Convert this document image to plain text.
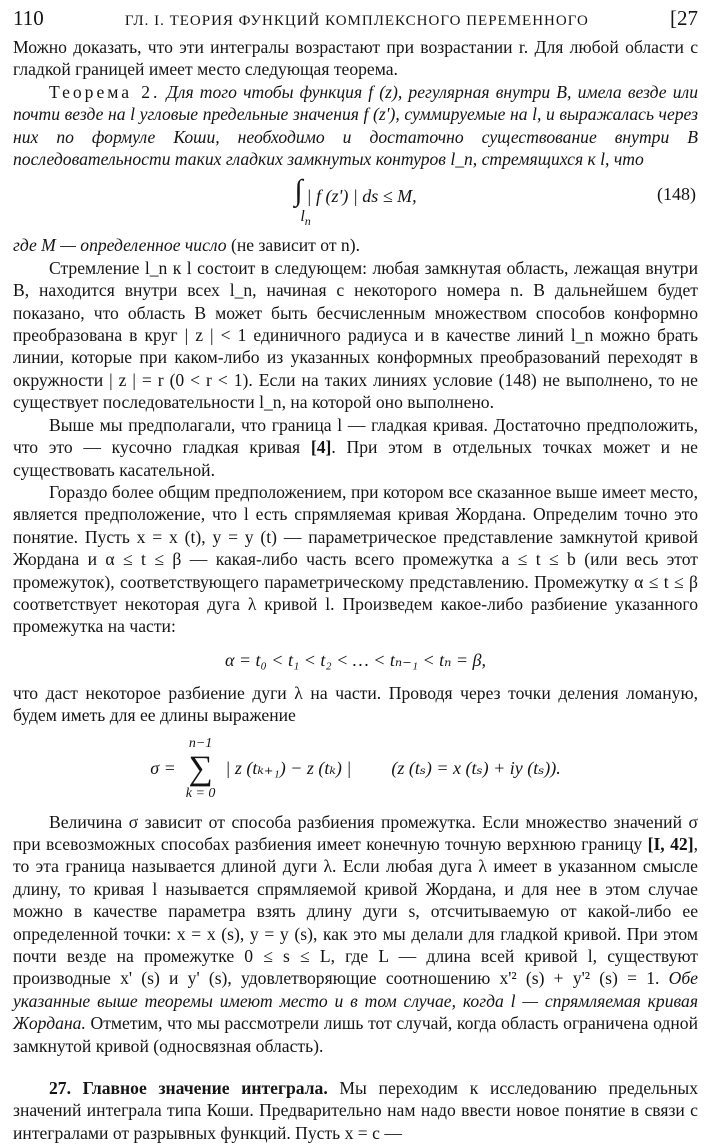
110	ГЛ. I. ТЕОРИЯ ФУНКЦИЙ КОМПЛЕКСНОГО ПЕРЕМЕННОГО	[27

Можно доказать, что эти интегралы возрастают при возрастании r. Для любой области с гладкой границей имеет место следующая теорема.

Теорема 2. Для того чтобы функция f (z), регулярная внутри B, имела везде или почти везде на l угловые предельные значения f (z'), суммируемые на l, и выражалась через них по формуле Коши, необходимо и достаточно существование внутри B последовательности таких гладких замкнутых контуров l_n, стремящихся к l, что

∫
$l_n$
| f (z') | ds ≤ M,	(148)

где M — определенное число (не зависит от n).

Стремление l_n к l состоит в следующем: любая замкнутая область, лежащая внутри B, находится внутри всех l_n, начиная с некоторого номера n. В дальнейшем будет показано, что область B может быть бесчисленным множеством способов конформно преобразована в круг | z | < 1 единичного радиуса и в качестве линий l_n можно брать линии, которые при каком-либо из указанных конформных преобразований переходят в окружности | z | = r (0 < r < 1). Если на таких линиях условие (148) не выполнено, то не существует последовательности l_n, на которой оно выполнено.

Выше мы предполагали, что граница l — гладкая кривая. Достаточно предположить, что это — кусочно гладкая кривая [4]. При этом в отдельных точках может и не существовать касательной.

Гораздо более общим предположением, при котором все сказанное выше имеет место, является предположение, что l есть спрямляемая кривая Жордана. Определим точно это понятие. Пусть x = x (t), y = y (t) — параметрическое представление замкнутой кривой Жордана и α ≤ t ≤ β — какая-либо часть всего промежутка a ≤ t ≤ b (или весь этот промежуток), соответствующего параметрическому представлению. Промежутку α ≤ t ≤ β соответствует некоторая дуга λ кривой l. Произведем какое-либо разбиение указанного промежутка на части:

α = t₀ < t₁ < t₂ < … < tₙ₋₁ < tₙ = β,

что даст некоторое разбиение дуги λ на части. Проводя через точки деления ломаную, будем иметь для ее длины выражение

σ =
n−1
∑
k = 0
| z (tₖ₊₁) − z (tₖ) | (z (tₛ) = x (tₛ) + iy (tₛ)).

Величина σ зависит от способа разбиения промежутка. Если множество значений σ при всевозможных способах разбиения имеет конечную точную верхнюю границу [I, 42], то эта граница называется длиной дуги λ. Если любая дуга λ имеет в указанном смысле длину, то кривая l называется спрямляемой кривой Жордана, и для нее в этом случае можно в качестве параметра взять длину дуги s, отсчитываемую от какой-либо ее определенной точки: x = x (s), y = y (s), как это мы делали для гладкой кривой. При этом почти везде на промежутке 0 ≤ s ≤ L, где L — длина всей кривой l, существуют производные x' (s) и y' (s), удовлетворяющие соотношению x'² (s) + y'² (s) = 1. Обе указанные выше теоремы имеют место и в том случае, когда l — спрямляемая кривая Жордана. Отметим, что мы рассмотрели лишь тот случай, когда область ограничена одной замкнутой кривой (односвязная область).

27. Главное значение интеграла. Мы переходим к исследованию предельных значений интеграла типа Коши. Предварительно нам надо ввести новое понятие в связи с интегралами от разрывных функций. Пусть x = c —
